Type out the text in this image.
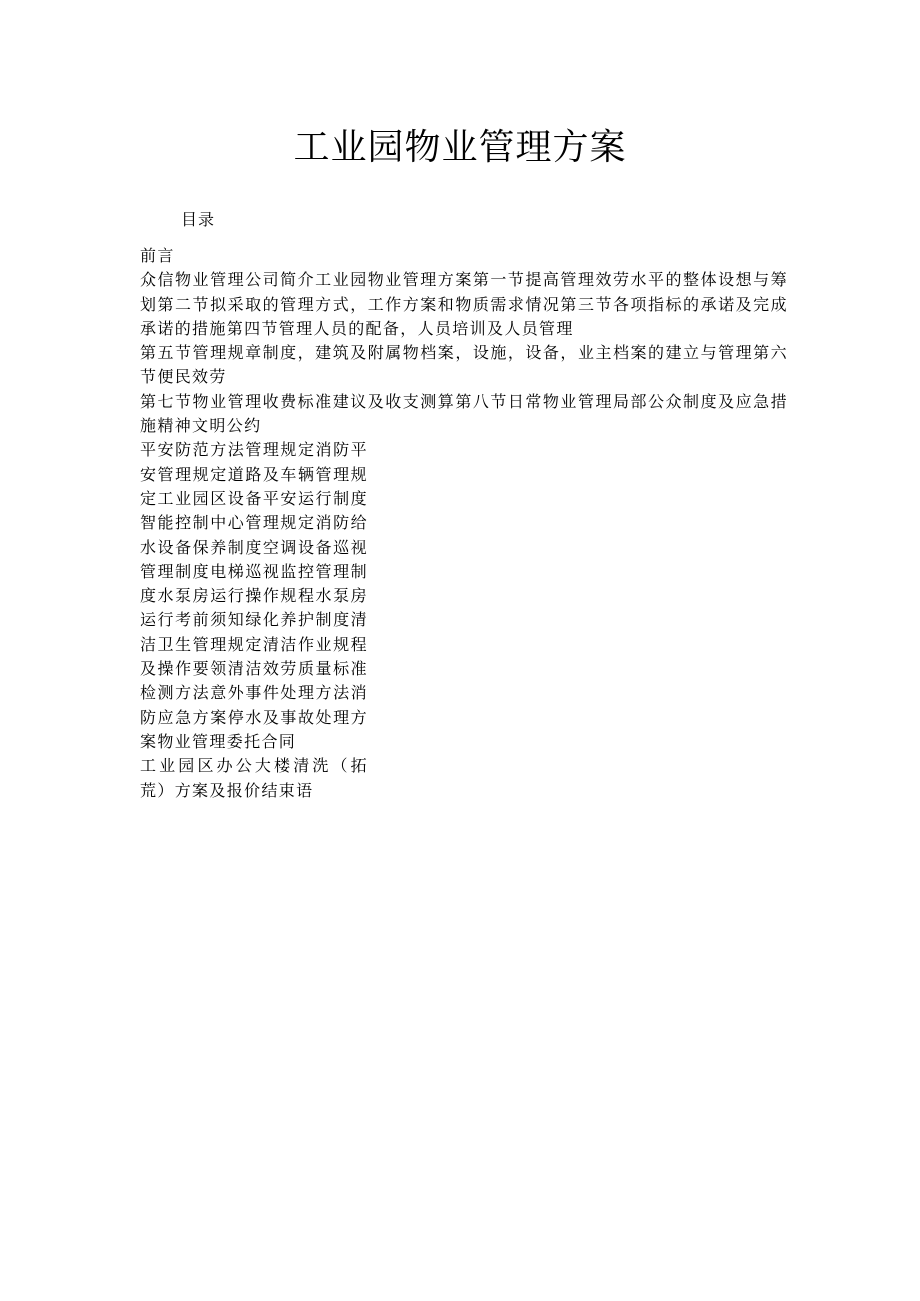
工业园物业管理方案
目录

前言

众信物业管理公司简介工业园物业管理方案第一节提高管理效劳水平的整体设想与筹划第二节拟采取的管理方式，工作方案和物质需求情况第三节各项指标的承诺及完成承诺的措施第四节管理人员的配备，人员培训及人员管理

第五节管理规章制度，建筑及附属物档案，设施，设备，业主档案的建立与管理第六节便民效劳

第七节物业管理收费标准建议及收支测算第八节日常物业管理局部公众制度及应急措施精神文明公约

平安防范方法管理规定消防平安管理规定道路及车辆管理规定工业园区设备平安运行制度智能控制中心管理规定消防给水设备保养制度空调设备巡视管理制度电梯巡视监控管理制度水泵房运行操作规程水泵房运行考前须知绿化养护制度清洁卫生管理规定清洁作业规程及操作要领清洁效劳质量标准检测方法意外事件处理方法消防应急方案停水及事故处理方案物业管理委托合同

工业园区办公大楼清洗（拓荒）方案及报价结束语
